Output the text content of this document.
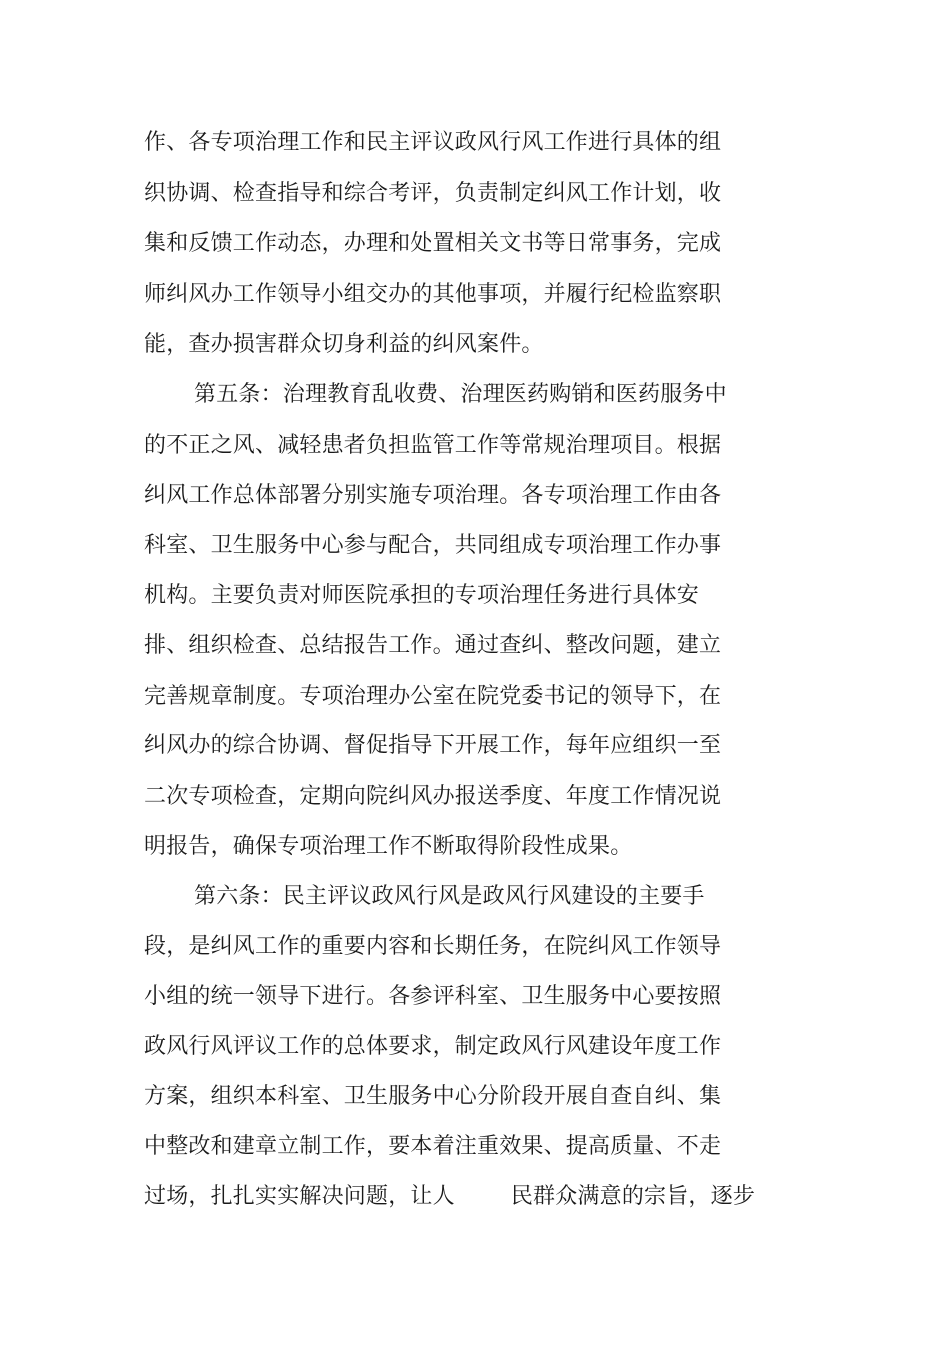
作、各专项治理工作和民主评议政风行风工作进行具体的组
织协调、检查指导和综合考评，负责制定纠风工作计划，收
集和反馈工作动态，办理和处置相关文书等日常事务，完成
师纠风办工作领导小组交办的其他事项，并履行纪检监察职
能，查办损害群众切身利益的纠风案件。
第五条：治理教育乱收费、治理医药购销和医药服务中
的不正之风、减轻患者负担监管工作等常规治理项目。根据
纠风工作总体部署分别实施专项治理。各专项治理工作由各
科室、卫生服务中心参与配合，共同组成专项治理工作办事
机构。主要负责对师医院承担的专项治理任务进行具体安
排、组织检查、总结报告工作。通过查纠、整改问题，建立
完善规章制度。专项治理办公室在院党委书记的领导下，在
纠风办的综合协调、督促指导下开展工作，每年应组织一至
二次专项检查，定期向院纠风办报送季度、年度工作情况说
明报告，确保专项治理工作不断取得阶段性成果。
第六条：民主评议政风行风是政风行风建设的主要手
段，是纠风工作的重要内容和长期任务，在院纠风工作领导
小组的统一领导下进行。各参评科室、卫生服务中心要按照
政风行风评议工作的总体要求，制定政风行风建设年度工作
方案，组织本科室、卫生服务中心分阶段开展自查自纠、集
中整改和建章立制工作，要本着注重效果、提高质量、不走
过场，扎扎实实解决问题，让人	民群众满意的宗旨，逐步
